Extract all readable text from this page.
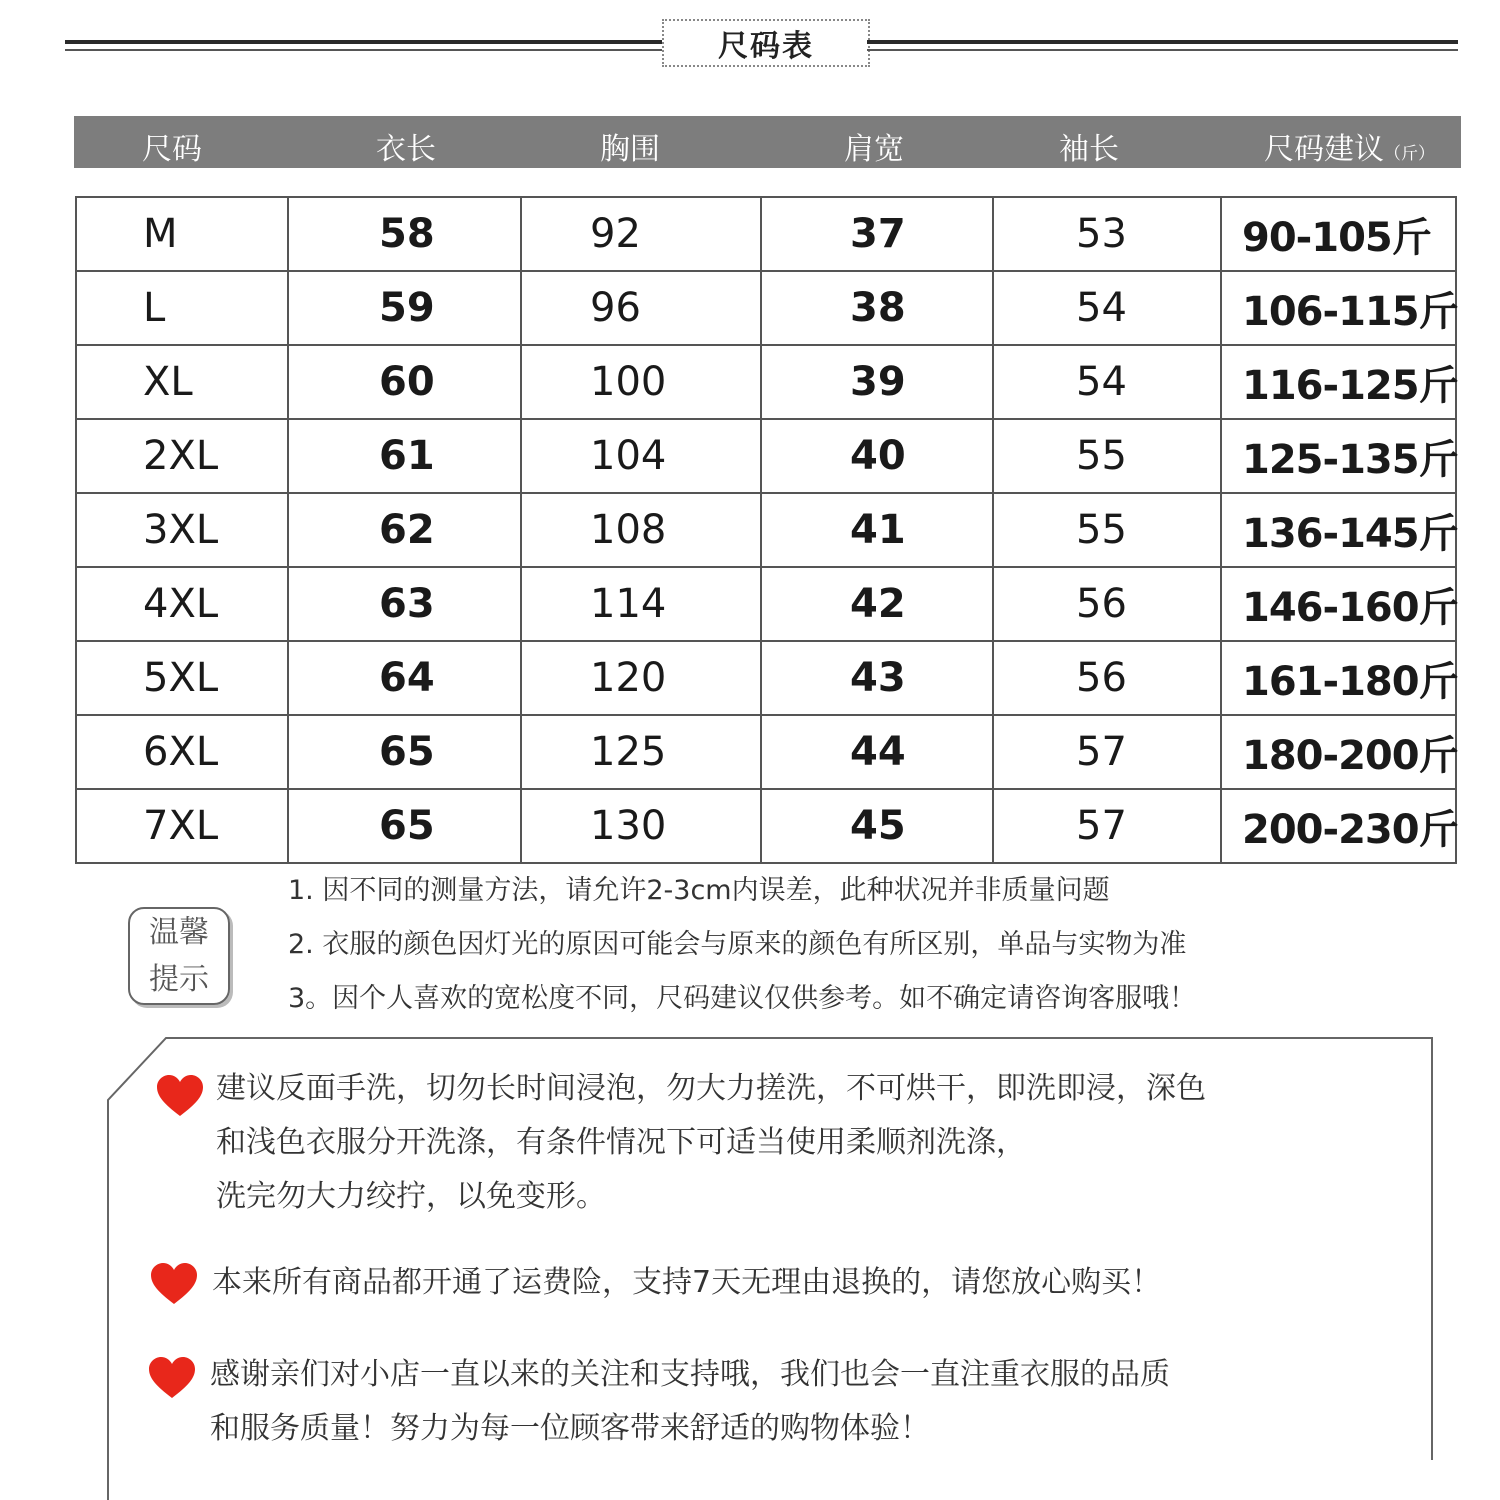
尺码表
尺码	衣长	胸围	肩宽	袖长	尺码建议（斤）
M	58	92	37	53	90-105斤
L	59	96	38	54	106-115斤
XL	60	100	39	54	116-125斤
2XL	61	104	40	55	125-135斤
3XL	62	108	41	55	136-145斤
4XL	63	114	42	56	146-160斤
5XL	64	120	43	56	161-180斤
6XL	65	125	44	57	180-200斤
7XL	65	130	45	57	200-230斤
温馨
提示
1. 因不同的测量方法，请允许2-3cm内误差，此种状况并非质量问题
2. 衣服的颜色因灯光的原因可能会与原来的颜色有所区别，单品与实物为准
3。因个人喜欢的宽松度不同，尺码建议仅供参考。如不确定请咨询客服哦！
建议反面手洗，切勿长时间浸泡，勿大力搓洗，不可烘干，即洗即浸，深色
和浅色衣服分开洗涤，有条件情况下可适当使用柔顺剂洗涤，
洗完勿大力绞拧，以免变形。
本来所有商品都开通了运费险，支持7天无理由退换的，请您放心购买！
感谢亲们对小店一直以来的关注和支持哦，我们也会一直注重衣服的品质
和服务质量！努力为每一位顾客带来舒适的购物体验！
